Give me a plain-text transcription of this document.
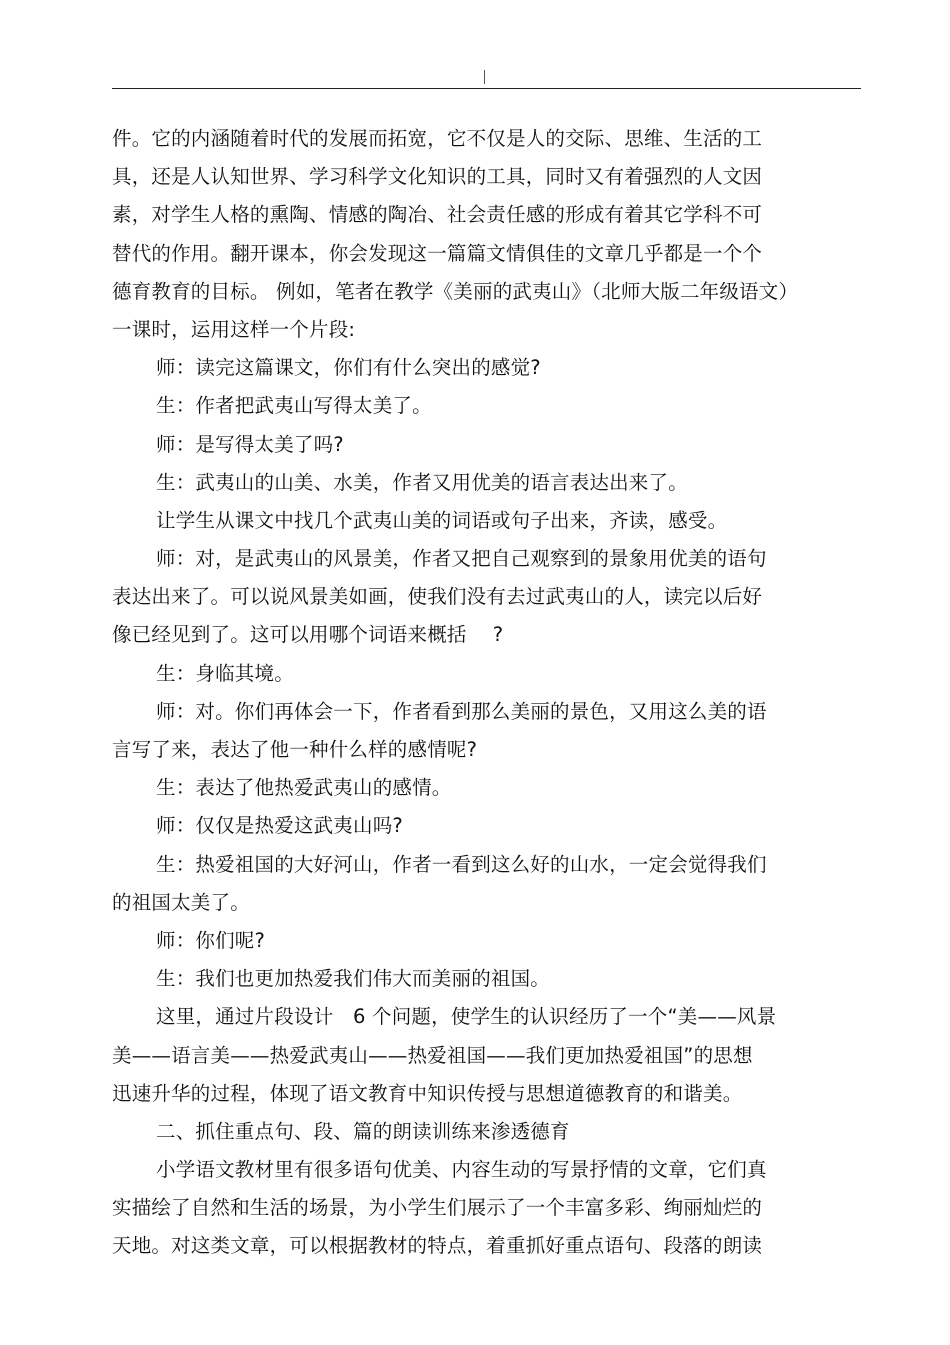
件。它的内涵随着时代的发展而拓宽，它不仅是人的交际、思维、生活的工
具，还是人认知世界、学习科学文化知识的工具，同时又有着强烈的人文因
素，对学生人格的熏陶、情感的陶冶、社会责任感的形成有着其它学科不可
替代的作用。翻开课本，你会发现这一篇篇文情俱佳的文章几乎都是一个个
德育教育的目标。 例如，笔者在教学《美丽的武夷山》（北师大版二年级语文）
一课时，运用这样一个片段:
师：读完这篇课文，你们有什么突出的感觉?
生：作者把武夷山写得太美了。
师：是写得太美了吗?
生：武夷山的山美、水美，作者又用优美的语言表达出来了。
让学生从课文中找几个武夷山美的词语或句子出来，齐读，感受。
师：对，是武夷山的风景美，作者又把自己观察到的景象用优美的语句
表达出来了。可以说风景美如画，使我们没有去过武夷山的人，读完以后好
像已经见到了。这可以用哪个词语来概括　 ?
生：身临其境。
师：对。你们再体会一下，作者看到那么美丽的景色，又用这么美的语
言写了来，表达了他一种什么样的感情呢?
生：表达了他热爱武夷山的感情。
师：仅仅是热爱这武夷山吗?
生：热爱祖国的大好河山，作者一看到这么好的山水，一定会觉得我们
的祖国太美了。
师：你们呢?
生：我们也更加热爱我们伟大而美丽的祖国。
这里，通过片段设计　6 个问题，使学生的认识经历了一个“美——风景
美——语言美——热爱武夷山——热爱祖国——我们更加热爱祖国”的思想
迅速升华的过程，体现了语文教育中知识传授与思想道德教育的和谐美。
二、抓住重点句、段、篇的朗读训练来渗透德育
小学语文教材里有很多语句优美、内容生动的写景抒情的文章，它们真
实描绘了自然和生活的场景，为小学生们展示了一个丰富多彩、绚丽灿烂的
天地。对这类文章，可以根据教材的特点，着重抓好重点语句、段落的朗读
